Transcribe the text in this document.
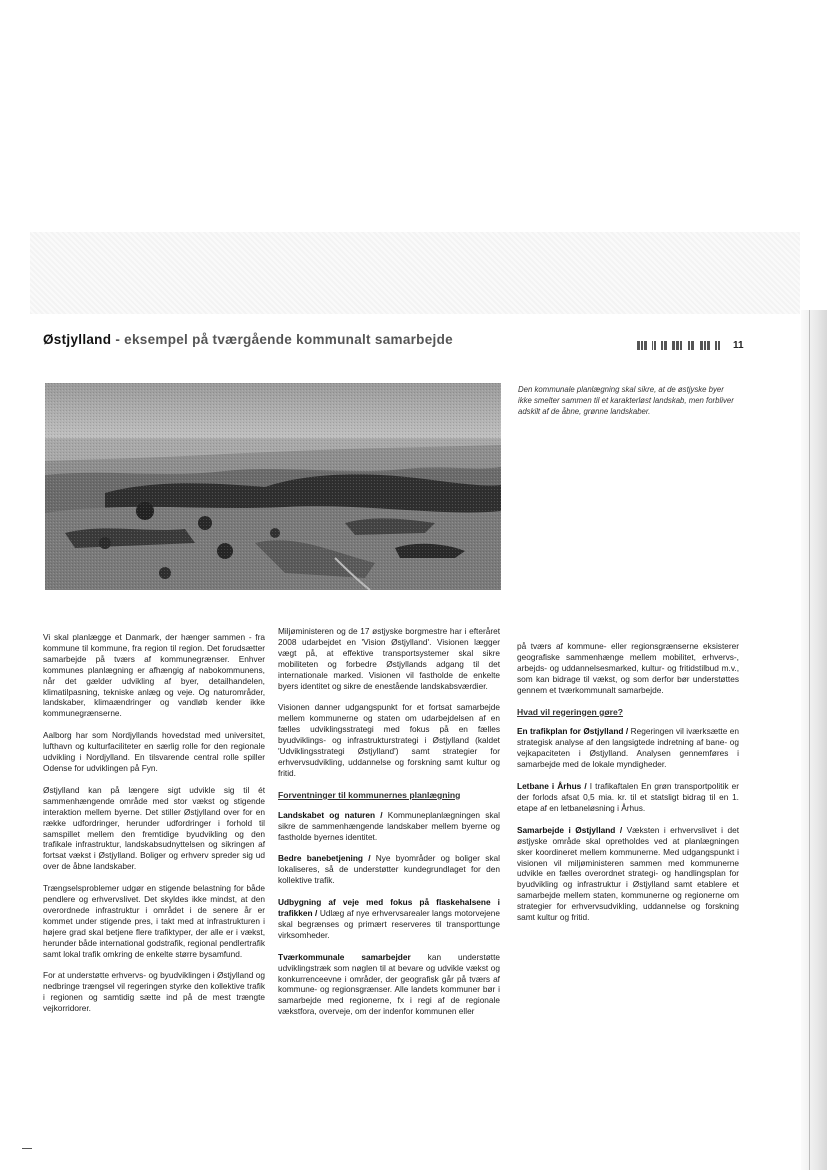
Østjylland - eksempel på tværgående kommunalt samarbejde	11

Den kommunale planlægning skal sikre, at de østjyske byer ikke smelter sammen til et karakterløst landskab, men forbliver adskilt af de åbne, grønne landskaber.

Vi skal planlægge et Danmark, der hænger sammen - fra kommune til kommune, fra region til region. Det forudsætter samarbejde på tværs af kommunegrænser. Enhver kommunes planlægning er afhængig af nabokommunens, når det gælder udvikling af byer, detailhandelen, klimatilpasning, tekniske anlæg og veje. Og naturområder, landskaber, klimaændringer og vandløb kender ikke kommunegrænserne.

Aalborg har som Nordjyllands hovedstad med universitet, lufthavn og kulturfaciliteter en særlig rolle for den regionale udvikling i Nordjylland. En tilsvarende central rolle spiller Odense for udviklingen på Fyn.

Østjylland kan på længere sigt udvikle sig til ét sammenhængende område med stor vækst og stigende interaktion mellem byerne. Det stiller Østjylland over for en række udfordringer, herunder udfordringer i forhold til samspillet mellem den fremtidige byudvikling og den trafikale infrastruktur, landskabsudnyttelsen og sikringen af fortsat vækst i Østjylland. Boliger og erhverv spreder sig ud over de åbne landskaber.

Trængselsproblemer udgør en stigende belastning for både pendlere og erhvervslivet. Det skyldes ikke mindst, at den overordnede infrastruktur i området i de senere år er kommet under stigende pres, i takt med at infrastrukturen i højere grad skal betjene flere trafiktyper, der alle er i vækst, herunder både international godstrafik, regional pendlertrafik samt lokal trafik omkring de enkelte større bysamfund.

For at understøtte erhvervs- og byudviklingen i Østjylland og nedbringe trængsel vil regeringen styrke den kollektive trafik i regionen og samtidig sætte ind på de mest trængte vejkorridorer.

Miljøministeren og de 17 østjyske borgmestre har i efteråret 2008 udarbejdet en 'Vision Østjylland'. Visionen lægger vægt på, at effektive transportsystemer skal sikre mobiliteten og forbedre Østjyllands adgang til det internationale marked. Visionen vil fastholde de enkelte byers identitet og sikre de enestående landskabsværdier.

Visionen danner udgangspunkt for et fortsat samarbejde mellem kommunerne og staten om udarbejdelsen af en fælles udviklingsstrategi med fokus på en fælles byudviklings- og infrastrukturstrategi i Østjylland (kaldet 'Udviklingsstrategi Østjylland') samt strategier for erhvervsudvikling, uddannelse og forskning samt kultur og fritid.

Forventninger til kommunernes planlægning

Landskabet og naturen / Kommuneplanlægningen skal sikre de sammenhængende landskaber mellem byerne og fastholde byernes identitet.

Bedre banebetjening / Nye byområder og boliger skal lokaliseres, så de understøtter kundegrundlaget for den kollektive trafik.

Udbygning af veje med fokus på flaskehalsene i trafikken / Udlæg af nye erhvervsarealer langs motorvejene skal begrænses og primært reserveres til transporttunge virksomheder.

Tværkommunale samarbejder kan understøtte udviklingstræk som nøglen til at bevare og udvikle vækst og konkurrenceevne i områder, der geografisk går på tværs af kommune- og regionsgrænser. Alle landets kommuner bør i samarbejde med regionerne, fx i regi af de regionale vækstfora, overveje, om der indenfor kommunen eller

på tværs af kommune- eller regionsgrænserne eksisterer geografiske sammenhænge mellem mobilitet, erhvervs-, arbejds- og uddannelsesmarked, kultur- og fritidstilbud m.v., som kan bidrage til vækst, og som derfor bør understøttes gennem et tværkommunalt samarbejde.

Hvad vil regeringen gøre?

En trafikplan for Østjylland / Regeringen vil iværksætte en strategisk analyse af den langsigtede indretning af bane- og vejkapaciteten i Østjylland. Analysen gennemføres i samarbejde med de lokale myndigheder.

Letbane i Århus / I trafikaftalen En grøn transportpolitik er der forlods afsat 0,5 mia. kr. til et statsligt bidrag til en 1. etape af en letbaneløsning i Århus.

Samarbejde i Østjylland / Væksten i erhvervslivet i det østjyske område skal opretholdes ved at planlægningen sker koordineret mellem kommunerne. Med udgangspunkt i visionen vil miljøministeren sammen med kommunerne udvikle en fælles overordnet strategi- og handlingsplan for byudvikling og infrastruktur i Østjylland samt etablere et samarbejde mellem staten, kommunerne og regionerne om strategier for erhvervsudvikling, uddannelse og forskning samt kultur og fritid.
